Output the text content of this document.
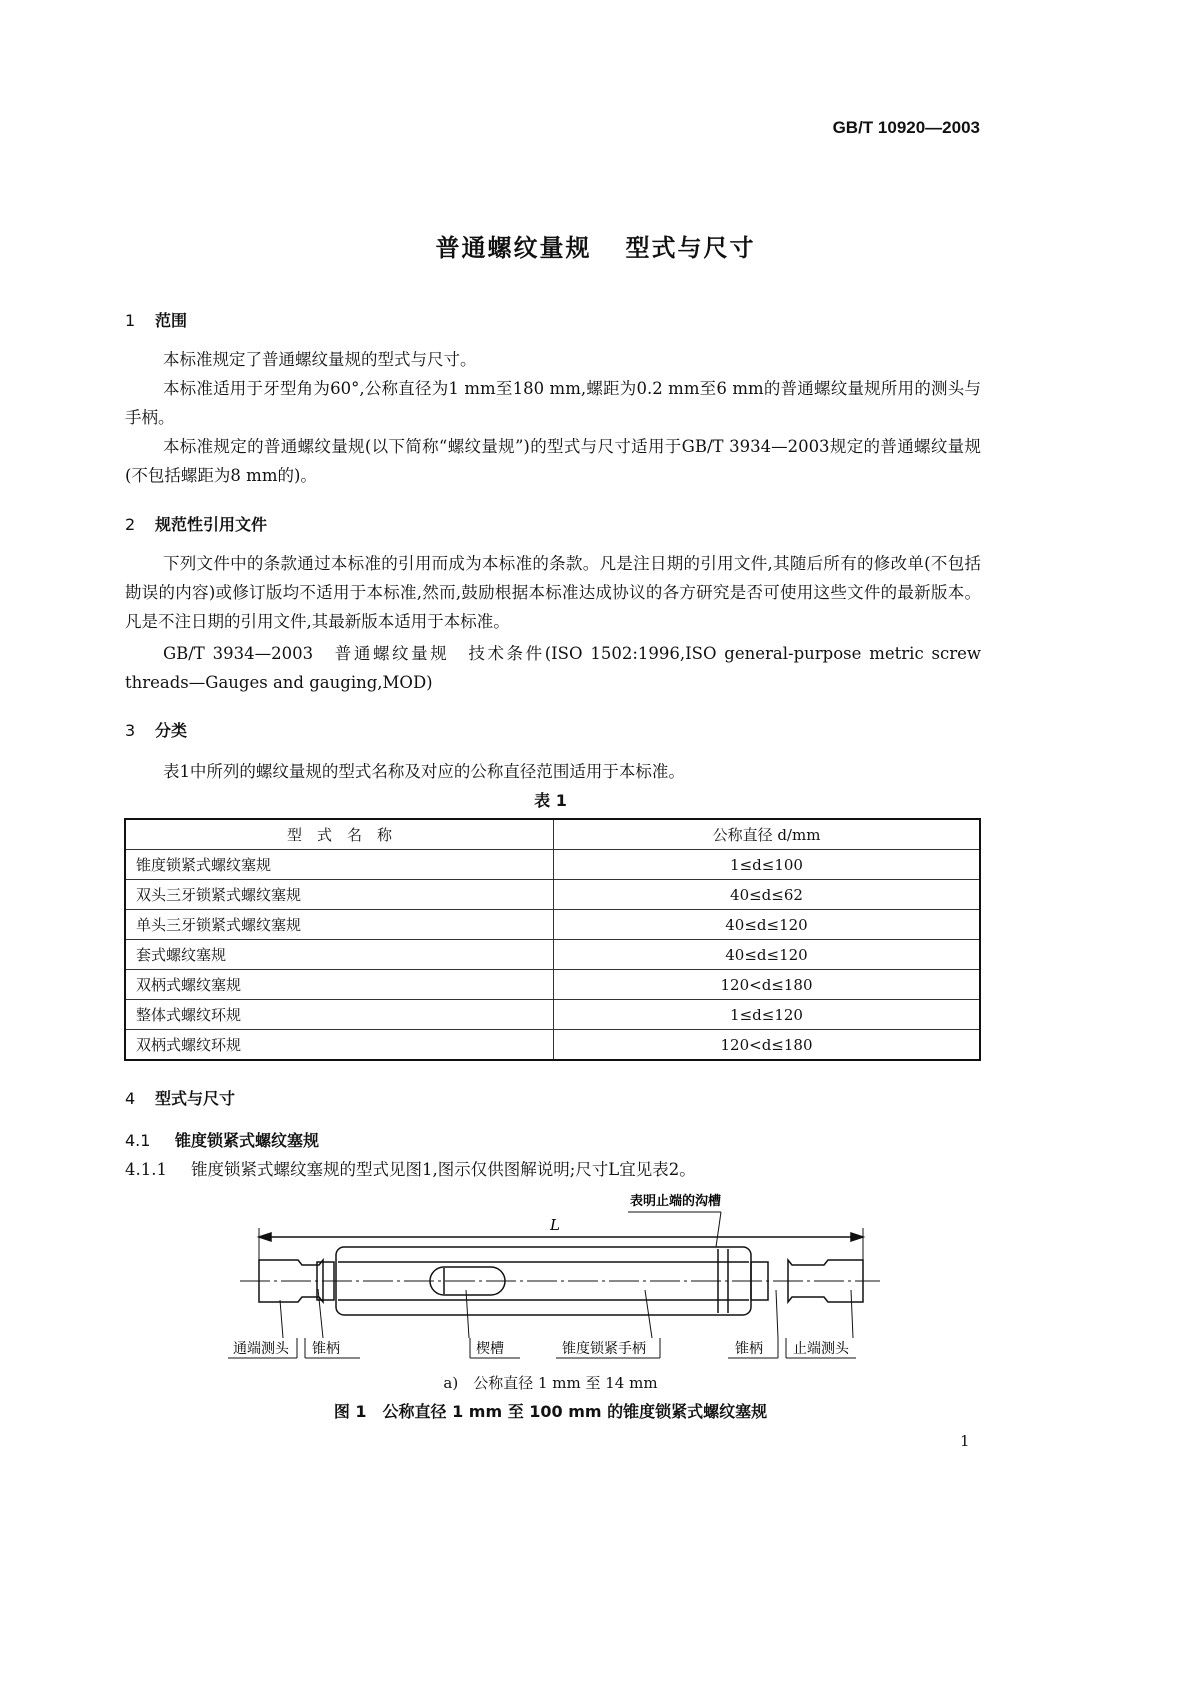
GB/T 10920—2003
普通螺纹量规 型式与尺寸
1 范围
本标准规定了普通螺纹量规的型式与尺寸。
本标准适用于牙型角为60°,公称直径为1 mm至180 mm,螺距为0.2 mm至6 mm的普通螺纹量规所用的测头与手柄。
本标准规定的普通螺纹量规(以下简称“螺纹量规”)的型式与尺寸适用于GB/T 3934—2003规定的普通螺纹量规(不包括螺距为8 mm的)。
2 规范性引用文件
下列文件中的条款通过本标准的引用而成为本标准的条款。凡是注日期的引用文件,其随后所有的修改单(不包括勘误的内容)或修订版均不适用于本标准,然而,鼓励根据本标准达成协议的各方研究是否可使用这些文件的最新版本。凡是不注日期的引用文件,其最新版本适用于本标准。
GB/T 3934—2003　普通螺纹量规　技术条件(ISO 1502:1996,ISO general-purpose metric screw threads—Gauges and gauging,MOD)
3 分类
表1中所列的螺纹量规的型式名称及对应的公称直径范围适用于本标准。
表 1
型　式　名　称	公称直径 d/mm
锥度锁紧式螺纹塞规	1≤d≤100
双头三牙锁紧式螺纹塞规	40≤d≤62
单头三牙锁紧式螺纹塞规	40≤d≤120
套式螺纹塞规	40≤d≤120
双柄式螺纹塞规	120<d≤180
整体式螺纹环规	1≤d≤120
双柄式螺纹环规	120<d≤180
4 型式与尺寸
4.1 锥度锁紧式螺纹塞规
4.1.1 锥度锁紧式螺纹塞规的型式见图1,图示仅供图解说明;尺寸L宜见表2。
L
表明止端的沟槽
通端测头 锥柄	楔槽	锥度锁紧手柄	锥柄 止端测头
a)　公称直径 1 mm 至 14 mm
图 1　公称直径 1 mm 至 100 mm 的锥度锁紧式螺纹塞规
1
